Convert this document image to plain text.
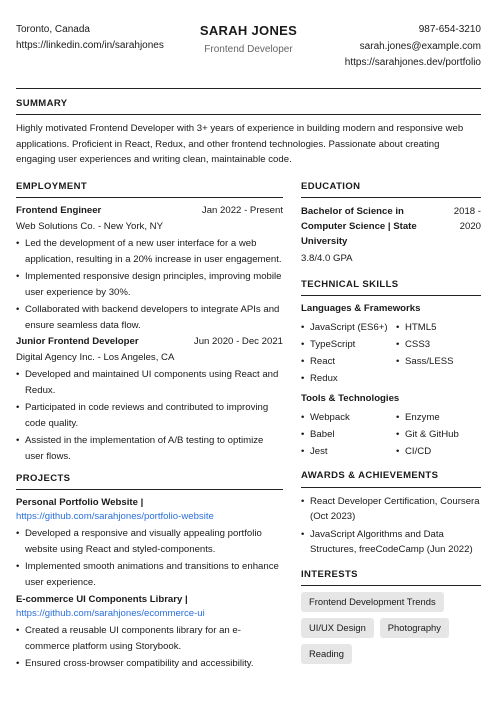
Toronto, Canada
https://linkedin.com/in/sarahjones
SARAH JONES
Frontend Developer
987-654-3210
sarah.jones@example.com
https://sarahjones.dev/portfolio
SUMMARY

Highly motivated Frontend Developer with 3+ years of experience in building modern and responsive web applications. Proficient in React, Redux, and other frontend technologies. Passionate about creating engaging user experiences and writing clean, maintainable code.

EMPLOYMENT
Frontend Engineer	Jan 2022 - Present
Web Solutions Co. - New York, NY
• Led the development of a new user interface for a web application, resulting in a 20% increase in user engagement.
• Implemented responsive design principles, improving mobile user experience by 30%.
• Collaborated with backend developers to integrate APIs and ensure seamless data flow.
Junior Frontend Developer	Jun 2020 - Dec 2021
Digital Agency Inc. - Los Angeles, CA
• Developed and maintained UI components using React and Redux.
• Participated in code reviews and contributed to improving code quality.
• Assisted in the implementation of A/B testing to optimize user flows.
PROJECTS
Personal Portfolio Website |
https://github.com/sarahjones/portfolio-website
• Developed a responsive and visually appealing portfolio website using React and styled-components.
• Implemented smooth animations and transitions to enhance user experience.
E-commerce UI Components Library |
https://github.com/sarahjones/ecommerce-ui
• Created a reusable UI components library for an e-commerce platform using Storybook.
• Ensured cross-browser compatibility and accessibility.
EDUCATION
Bachelor of Science in Computer Science | State University
2018 - 2020
3.8/4.0 GPA
TECHNICAL SKILLS
Languages & Frameworks
• JavaScript (ES6+)	• HTML5
• TypeScript	• CSS3
• React	• Sass/LESS
• Redux
Tools & Technologies
• Webpack	• Enzyme
• Babel	• Git & GitHub
• Jest	• CI/CD
AWARDS & ACHIEVEMENTS
• React Developer Certification, Coursera (Oct 2023)
• JavaScript Algorithms and Data Structures, freeCodeCamp (Jun 2022)
INTERESTS
Frontend Development Trends
UI/UX Design	Photography
Reading
